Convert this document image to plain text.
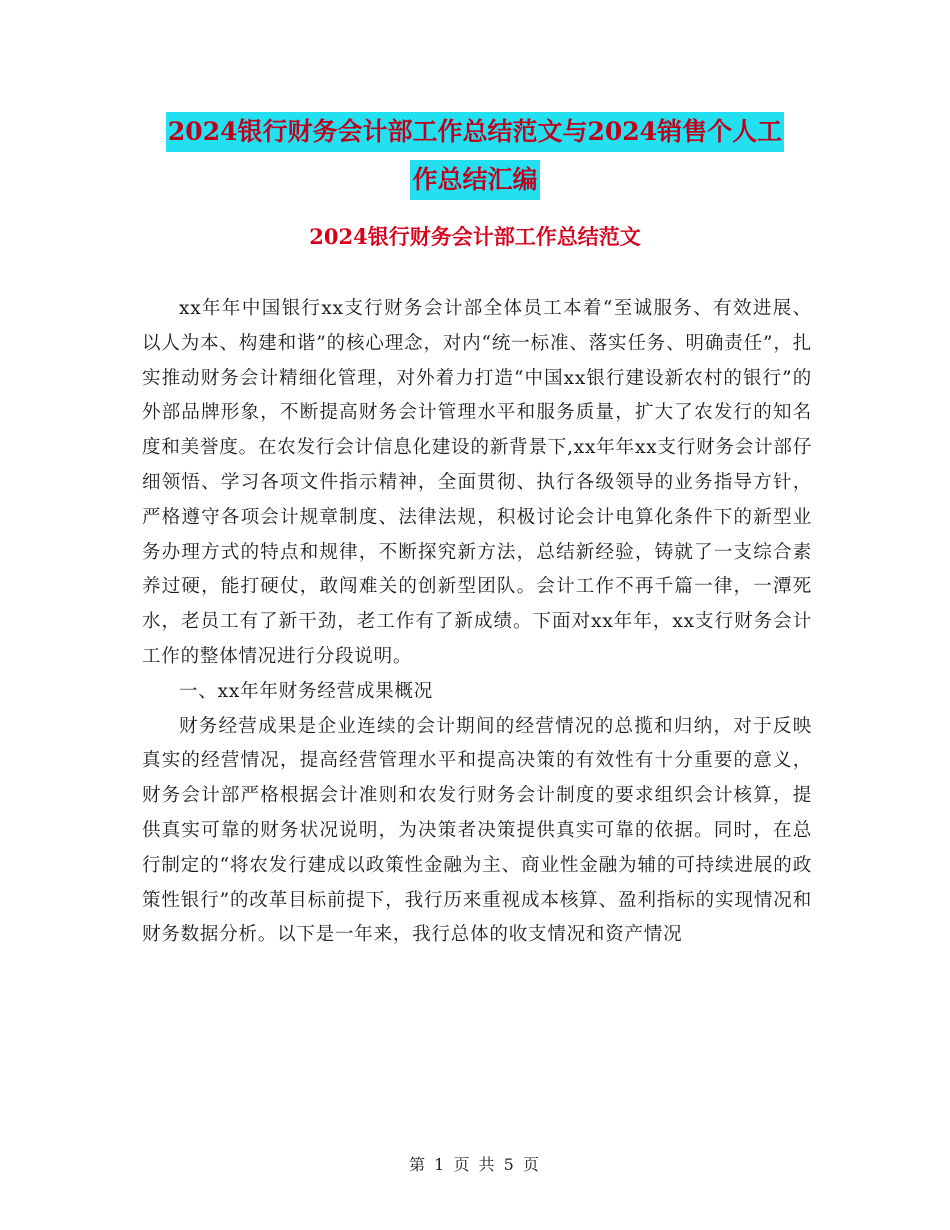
2024银行财务会计部工作总结范文与2024销售个人工
作总结汇编
2024银行财务会计部工作总结范文

xx年年中国银行xx支行财务会计部全体员工本着“至诚服务、有效进展、以人为本、构建和谐”的核心理念，对内“统一标准、落实任务、明确责任”，扎实推动财务会计精细化管理，对外着力打造“中国xx银行建设新农村的银行”的外部品牌形象，不断提高财务会计管理水平和服务质量，扩大了农发行的知名度和美誉度。在农发行会计信息化建设的新背景下,xx年年xx支行财务会计部仔细领悟、学习各项文件指示精神，全面贯彻、执行各级领导的业务指导方针，严格遵守各项会计规章制度、法律法规，积极讨论会计电算化条件下的新型业务办理方式的特点和规律，不断探究新方法，总结新经验，铸就了一支综合素养过硬，能打硬仗，敢闯难关的创新型团队。会计工作不再千篇一律，一潭死水，老员工有了新干劲，老工作有了新成绩。下面对xx年年，xx支行财务会计工作的整体情况进行分段说明。

一、xx年年财务经营成果概况

财务经营成果是企业连续的会计期间的经营情况的总揽和归纳，对于反映真实的经营情况，提高经营管理水平和提高决策的有效性有十分重要的意义，财务会计部严格根据会计准则和农发行财务会计制度的要求组织会计核算，提供真实可靠的财务状况说明，为决策者决策提供真实可靠的依据。同时，在总行制定的“将农发行建成以政策性金融为主、商业性金融为辅的可持续进展的政策性银行”的改革目标前提下，我行历来重视成本核算、盈利指标的实现情况和财务数据分析。以下是一年来，我行总体的收支情况和资产情况

第 1 页 共 5 页
